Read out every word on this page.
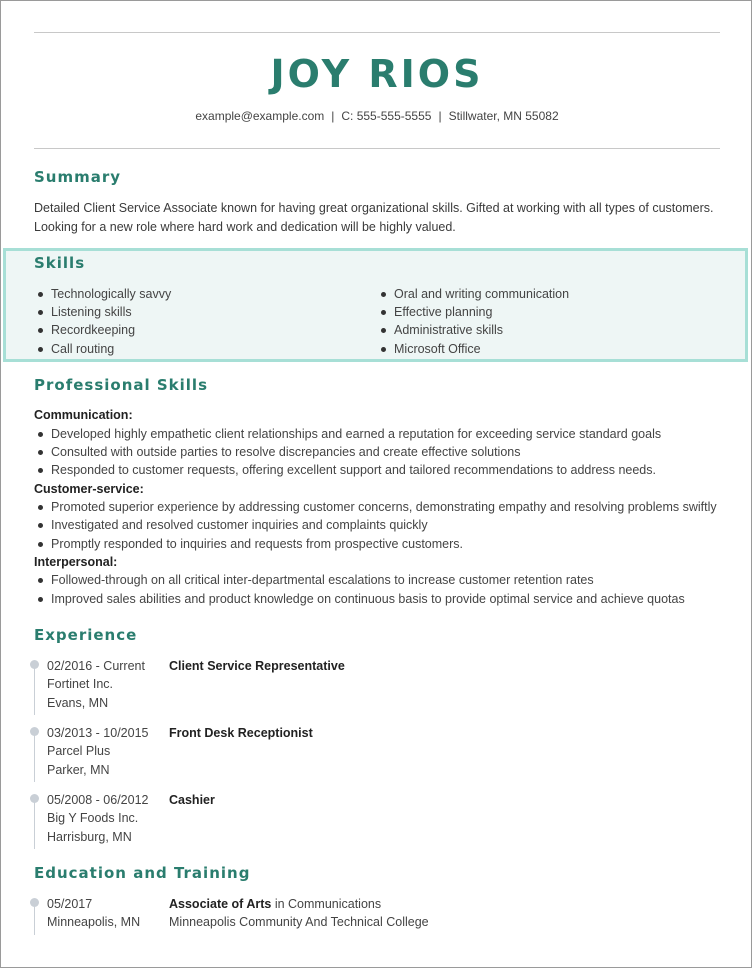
JOY RIOS
example@example.com | C: 555-555-5555 | Stillwater, MN 55082
Summary
Detailed Client Service Associate known for having great organizational skills. Gifted at working with all types of customers.
Looking for a new role where hard work and dedication will be highly valued.
Skills
Technologically savvy
Listening skills
Recordkeeping
Call routing
Oral and writing communication
Effective planning
Administrative skills
Microsoft Office
Professional Skills
Communication:
Developed highly empathetic client relationships and earned a reputation for exceeding service standard goals
Consulted with outside parties to resolve discrepancies and create effective solutions
Responded to customer requests, offering excellent support and tailored recommendations to address needs.
Customer-service:
Promoted superior experience by addressing customer concerns, demonstrating empathy and resolving problems swiftly
Investigated and resolved customer inquiries and complaints quickly
Promptly responded to inquiries and requests from prospective customers.
Interpersonal:
Followed-through on all critical inter-departmental escalations to increase customer retention rates
Improved sales abilities and product knowledge on continuous basis to provide optimal service and achieve quotas
Experience
02/2016 - Current
Fortinet Inc.
Evans, MN
Client Service Representative
03/2013 - 10/2015
Parcel Plus
Parker, MN
Front Desk Receptionist
05/2008 - 06/2012
Big Y Foods Inc.
Harrisburg, MN
Cashier
Education and Training
05/2017
Minneapolis, MN
Associate of Arts in Communications
Minneapolis Community And Technical College
